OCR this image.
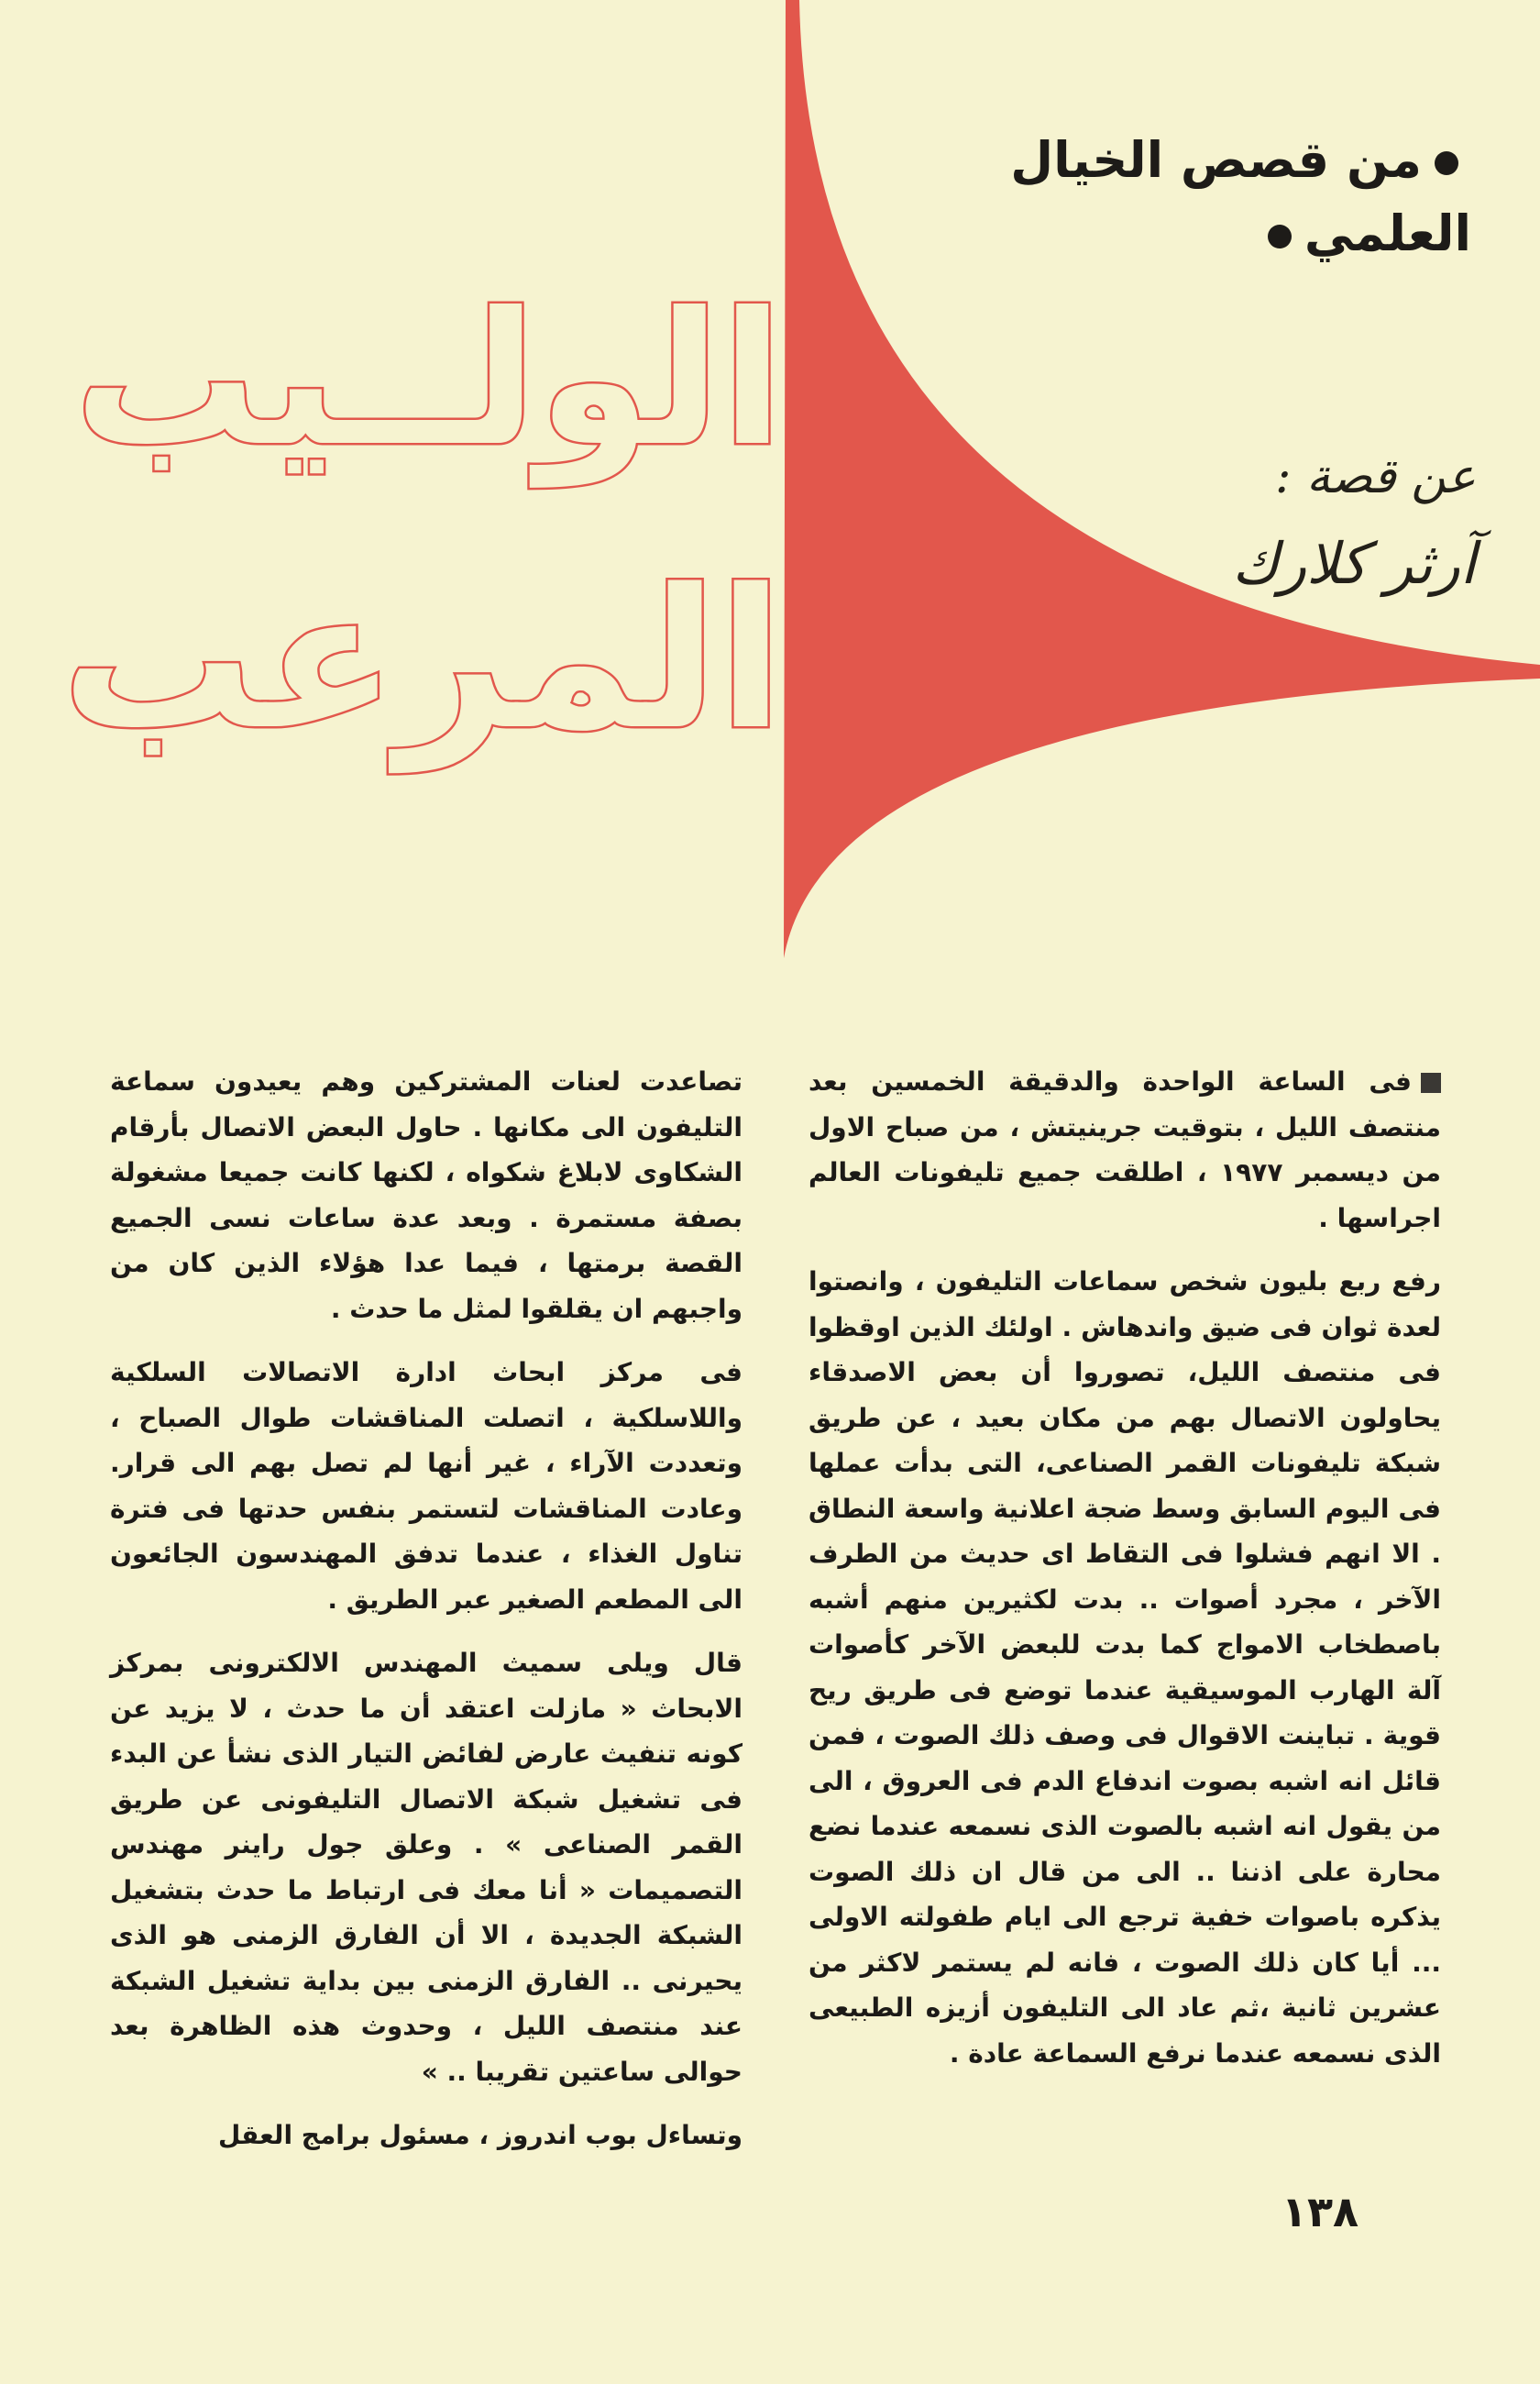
من قصص الخيال العلمي
الولــيب
المرعب
عن قصة :
آرثر كلارك

فى الساعة الواحدة والدقيقة الخمسين بعد منتصف الليل ، بتوقيت جرينيتش ، من صباح الاول من ديسمبر ١٩٧٧ ، اطلقت جميع تليفونات العالم اجراسها .

رفع ربع بليون شخص سماعات التليفون ، وانصتوا لعدة ثوان فى ضيق واندهاش . اولئك الذين اوقظوا فى منتصف الليل، تصوروا أن بعض الاصدقاء يحاولون الاتصال بهم من مكان بعيد ، عن طريق شبكة تليفونات القمر الصناعى، التى بدأت عملها فى اليوم السابق وسط ضجة اعلانية واسعة النطاق . الا انهم فشلوا فى التقاط اى حديث من الطرف الآخر ، مجرد أصوات .. بدت لكثيرين منهم أشبه باصطخاب الامواج كما بدت للبعض الآخر كأصوات آلة الهارب الموسيقية عندما توضع فى طريق ريح قوية . تباينت الاقوال فى وصف ذلك الصوت ، فمن قائل انه اشبه بصوت اندفاع الدم فى العروق ، الى من يقول انه اشبه بالصوت الذى نسمعه عندما نضع محارة على اذننا .. الى من قال ان ذلك الصوت يذكره باصوات خفية ترجع الى ايام طفولته الاولى ... أيا كان ذلك الصوت ، فانه لم يستمر لاكثر من عشرين ثانية ،ثم عاد الى التليفون أزيزه الطبيعى الذى نسمعه عندما نرفع السماعة عادة .

تصاعدت لعنات المشتركين وهم يعيدون سماعة التليفون الى مكانها . حاول البعض الاتصال بأرقام الشكاوى لابلاغ شكواه ، لكنها كانت جميعا مشغولة بصفة مستمرة . وبعد عدة ساعات نسى الجميع القصة برمتها ، فيما عدا هؤلاء الذين كان من واجبهم ان يقلقوا لمثل ما حدث .

فى مركز ابحاث ادارة الاتصالات السلكية واللاسلكية ، اتصلت المناقشات طوال الصباح ، وتعددت الآراء ، غير أنها لم تصل بهم الى قرار. وعادت المناقشات لتستمر بنفس حدتها فى فترة تناول الغذاء ، عندما تدفق المهندسون الجائعون الى المطعم الصغير عبر الطريق .

قال ويلى سميث المهندس الالكترونى بمركز الابحاث « مازلت اعتقد أن ما حدث ، لا يزيد عن كونه تنفيث عارض لفائض التيار الذى نشأ عن البدء فى تشغيل شبكة الاتصال التليفونى عن طريق القمر الصناعى » . وعلق جول راينر مهندس التصميمات « أنا معك فى ارتباط ما حدث بتشغيل الشبكة الجديدة ، الا أن الفارق الزمنى هو الذى يحيرنى .. الفارق الزمنى بين بداية تشغيل الشبكة عند منتصف الليل ، وحدوث هذه الظاهرة بعد حوالى ساعتين تقريبا .. »

وتساءل بوب اندروز ، مسئول برامج العقل

١٣٨
